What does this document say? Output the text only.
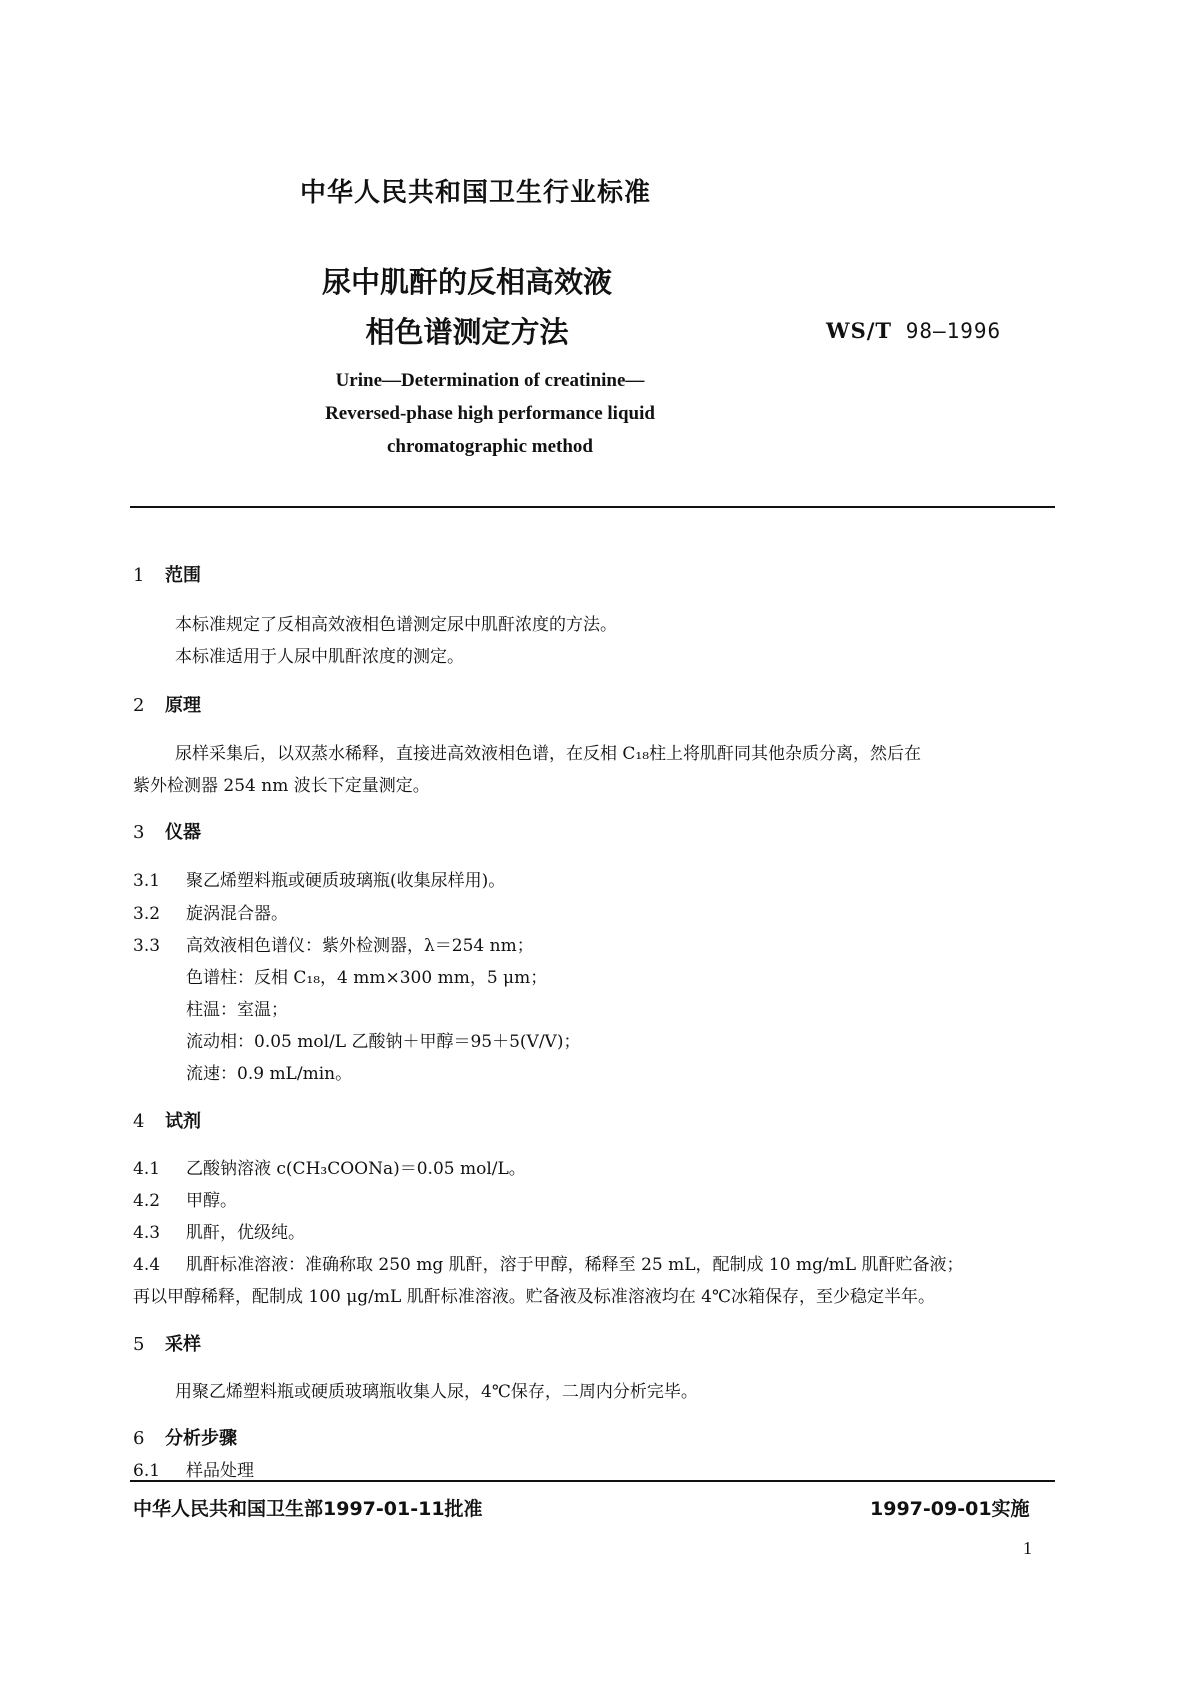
中华人民共和国卫生行业标准
尿中肌酐的反相高效液
相色谱测定方法	WS/T 98—1996
Urine—Determination of creatinine—
Reversed-phase high performance liquid
chromatographic method
1 范围

本标准规定了反相高效液相色谱测定尿中肌酐浓度的方法。

本标准适用于人尿中肌酐浓度的测定。

2 原理

尿样采集后，以双蒸水稀释，直接进高效液相色谱，在反相 C₁₈柱上将肌酐同其他杂质分离，然后在

紫外检测器 254 nm 波长下定量测定。

3 仪器

3.1 聚乙烯塑料瓶或硬质玻璃瓶(收集尿样用)。

3.2 旋涡混合器。

3.3 高效液相色谱仪：紫外检测器，λ＝254 nm；

色谱柱：反相 C₁₈，4 mm×300 mm，5 μm；

柱温：室温；

流动相：0.05 mol/L 乙酸钠＋甲醇＝95＋5(V/V)；

流速：0.9 mL/min。

4 试剂

4.1 乙酸钠溶液 c(CH₃COONa)＝0.05 mol/L。

4.2 甲醇。

4.3 肌酐，优级纯。

4.4 肌酐标准溶液：准确称取 250 mg 肌酐，溶于甲醇，稀释至 25 mL，配制成 10 mg/mL 肌酐贮备液；

再以甲醇稀释，配制成 100 μg/mL 肌酐标准溶液。贮备液及标准溶液均在 4℃冰箱保存，至少稳定半年。

5 采样

用聚乙烯塑料瓶或硬质玻璃瓶收集人尿，4℃保存，二周内分析完毕。

6 分析步骤

6.1 样品处理

中华人民共和国卫生部1997-01-11批准	1997-09-01实施
1
